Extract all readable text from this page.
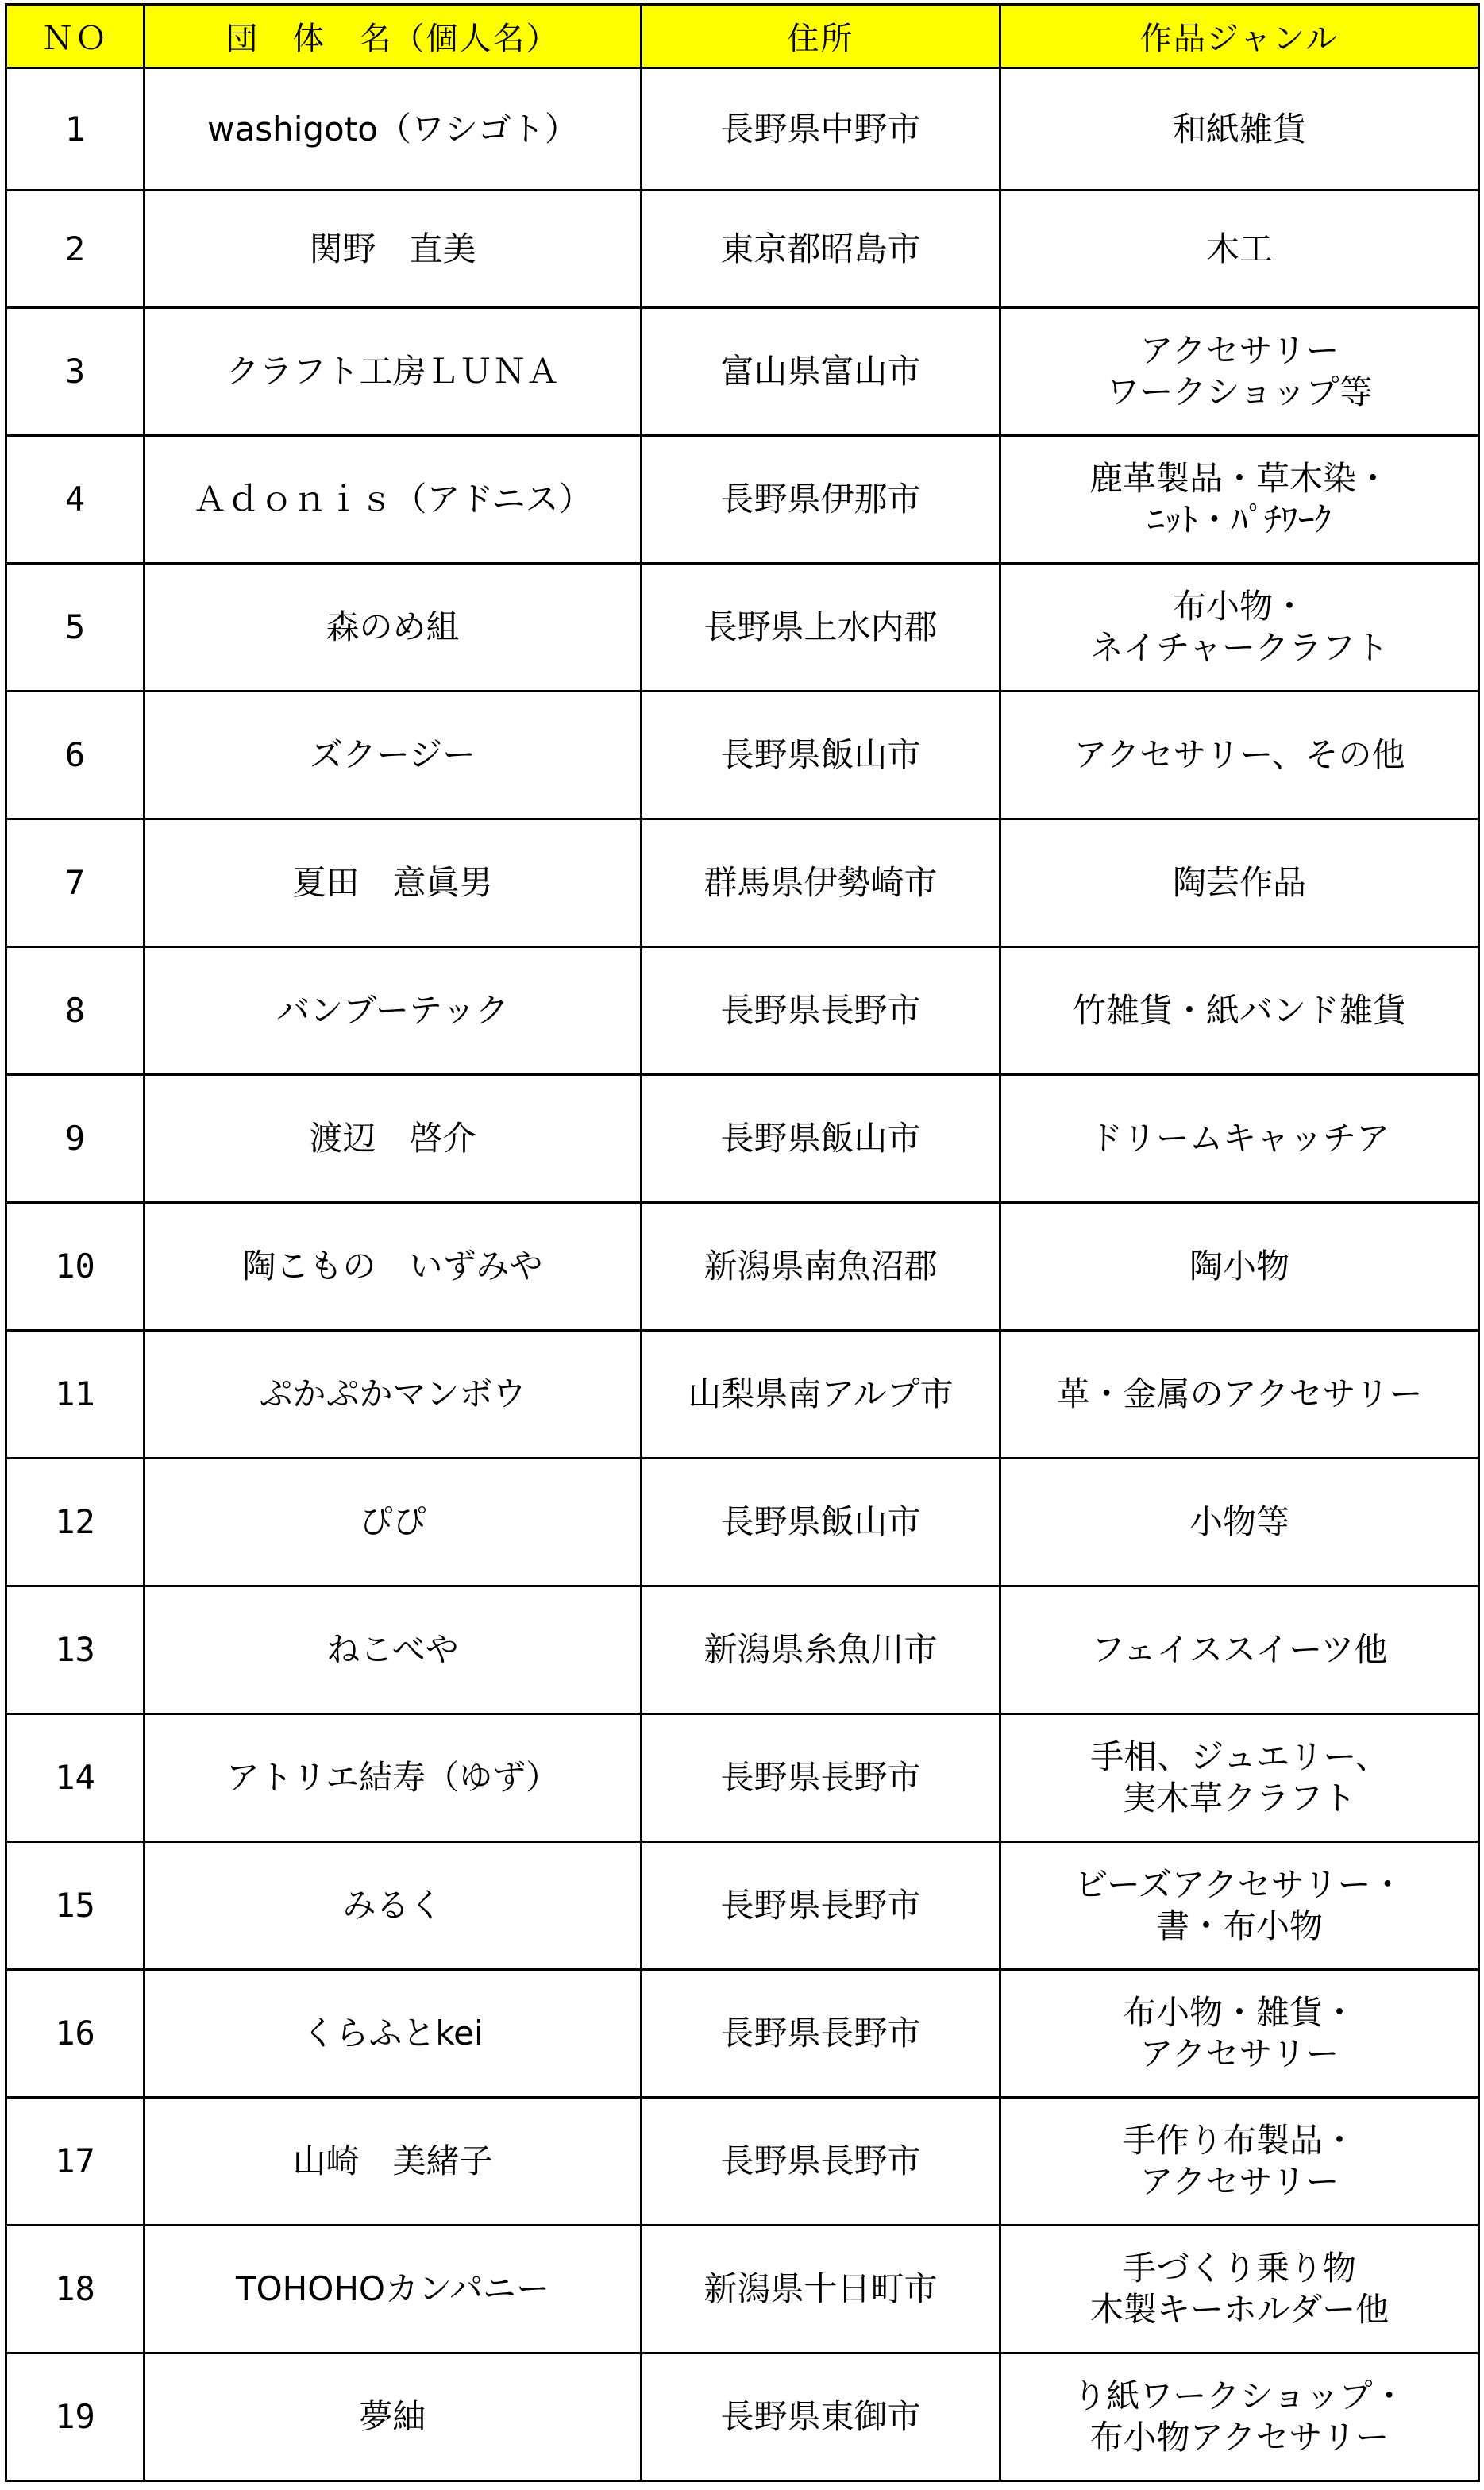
ＮＯ	団　体　名（個人名）	住所	作品ジャンル
1	washigoto（ワシゴト）	長野県中野市	和紙雑貨

2	関野　直美	東京都昭島市	木工

3	クラフト工房ＬＵＮＡ	富山県富山市	アクセサリー
ワークショップ等

4	Ａｄｏｎｉｓ（アドニス）	長野県伊那市	鹿革製品・草木染・
ﾆｯﾄ・ﾊﾟﾁﾜｰｸ

5	森のめ組	長野県上水内郡	布小物・
ネイチャークラフト

6	ズクージー	長野県飯山市	アクセサリー、その他

7	夏田　意眞男	群馬県伊勢崎市	陶芸作品

8	バンブーテック	長野県長野市	竹雑貨・紙バンド雑貨

9	渡辺　啓介	長野県飯山市	ドリームキャッチア

10	陶こもの　いずみや	新潟県南魚沼郡	陶小物

11	ぷかぷかマンボウ	山梨県南アルプ市	革・金属のアクセサリー

12	ぴぴ	長野県飯山市	小物等

13	ねこべや	新潟県糸魚川市	フェイススイーツ他

14	アトリエ結寿（ゆず）	長野県長野市	手相、ジュエリー、
実木草クラフト

15	みるく	長野県長野市	ビーズアクセサリー・
書・布小物

16	くらふとkei	長野県長野市	布小物・雑貨・
アクセサリー

17	山崎　美緒子	長野県長野市	手作り布製品・
アクセサリー

18	TOHOHOカンパニー	新潟県十日町市	手づくり乗り物
木製キーホルダー他

19	夢紬	長野県東御市	り紙ワークショップ・
布小物アクセサリー
